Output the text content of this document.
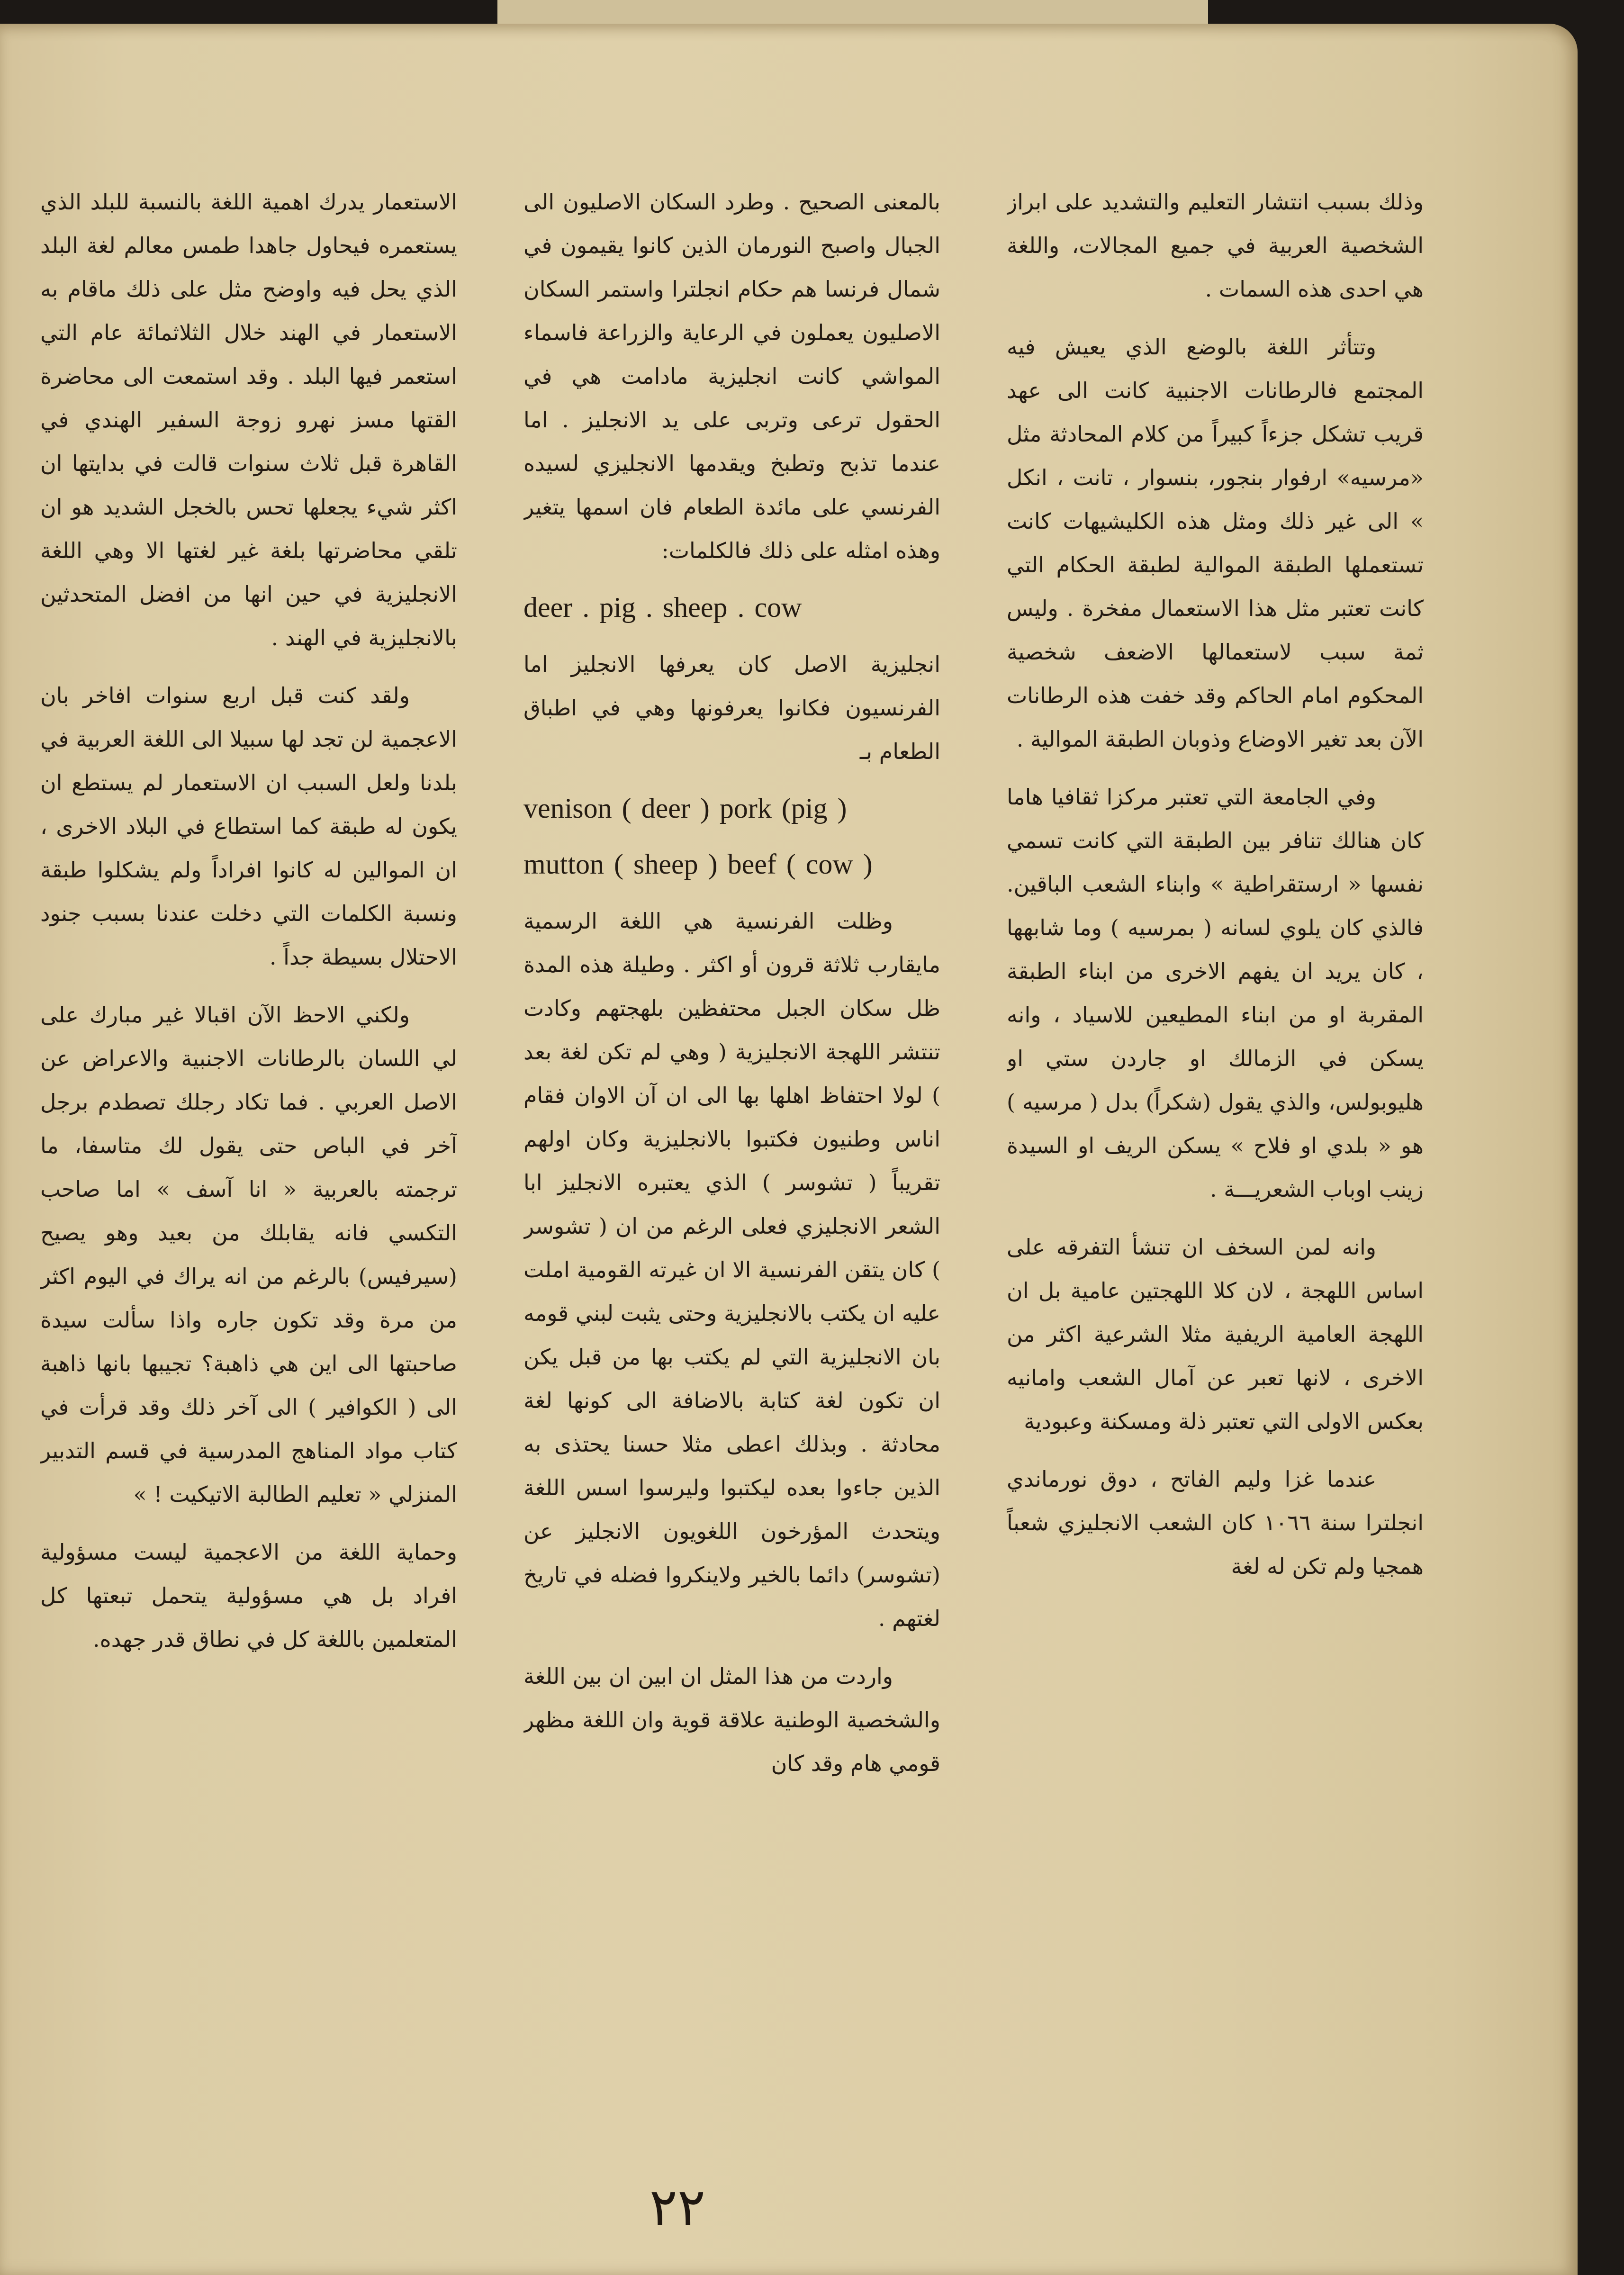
وذلك بسبب انتشار التعليم والتشديد على ابراز الشخصية العربية في جميع المجالات، واللغة هي احدى هذه السمات .

وتتأثر اللغة بالوضع الذي يعيش فيه المجتمع فالرطانات الاجنبية كانت الى عهد قريب تشكل جزءاً كبيراً من كلام المحادثة مثل «مرسيه» ارفوار بنجور، بنسوار ، تانت ، انكل » الى غير ذلك ومثل هذه الكليشيهات كانت تستعملها الطبقة الموالية لطبقة الحكام التي كانت تعتبر مثل هذا الاستعمال مفخرة . وليس ثمة سبب لاستعمالها الاضعف شخصية المحكوم امام الحاكم وقد خفت هذه الرطانات الآن بعد تغير الاوضاع وذوبان الطبقة الموالية .

وفي الجامعة التي تعتبر مركزا ثقافيا هاما كان هنالك تنافر بين الطبقة التي كانت تسمي نفسها « ارستقراطية » وابناء الشعب الباقين. فالذي كان يلوي لسانه ( بمرسيه ) وما شابهها ، كان يريد ان يفهم الاخرى من ابناء الطبقة المقربة او من ابناء المطيعين للاسياد ، وانه يسكن في الزمالك او جاردن ستي او هليوبولس، والذي يقول (شكراً) بدل ( مرسيه ) هو « بلدي او فلاح » يسكن الريف او السيدة زينب اوباب الشعريـــة .

وانه لمن السخف ان تنشأ التفرقه على اساس اللهجة ، لان كلا اللهجتين عامية بل ان اللهجة العامية الريفية مثلا الشرعية اكثر من الاخرى ، لانها تعبر عن آمال الشعب وامانيه بعكس الاولى التي تعتبر ذلة ومسكنة وعبودية

عندما غزا وليم الفاتح ، دوق نورماندي انجلترا سنة ١٠٦٦ كان الشعب الانجليزي شعباً همجيا ولم تكن له لغة

بالمعنى الصحيح . وطرد السكان الاصليون الى الجبال واصبح النورمان الذين كانوا يقيمون في شمال فرنسا هم حكام انجلترا واستمر السكان الاصليون يعملون في الرعاية والزراعة فاسماء المواشي كانت انجليزية مادامت هي في الحقول ترعى وتربى على يد الانجليز . اما عندما تذبح وتطبخ ويقدمها الانجليزي لسيده الفرنسي على مائدة الطعام فان اسمها يتغير وهذه امثله على ذلك فالكلمات:

deer . pig . sheep . cow

انجليزية الاصل كان يعرفها الانجليز اما الفرنسيون فكانوا يعرفونها وهي في اطباق الطعام بـ

venison ( deer ) pork (pig )

mutton ( sheep ) beef ( cow )

وظلت الفرنسية هي اللغة الرسمية مايقارب ثلاثة قرون أو اكثر . وطيلة هذه المدة ظل سكان الجبل محتفظين بلهجتهم وكادت تنتشر اللهجة الانجليزية ( وهي لم تكن لغة بعد ) لولا احتفاظ اهلها بها الى ان آن الاوان فقام اناس وطنيون فكتبوا بالانجليزية وكان اولهم تقريباً ( تشوسر ) الذي يعتبره الانجليز ابا الشعر الانجليزي فعلى الرغم من ان ( تشوسر ) كان يتقن الفرنسية الا ان غيرته القومية املت عليه ان يكتب بالانجليزية وحتى يثبت لبني قومه بان الانجليزية التي لم يكتب بها من قبل يكن ان تكون لغة كتابة بالاضافة الى كونها لغة محادثة . وبذلك اعطى مثلا حسنا يحتذى به الذين جاءوا بعده ليكتبوا وليرسوا اسس اللغة ويتحدث المؤرخون اللغويون الانجليز عن (تشوسر) دائما بالخير ولاينكروا فضله في تاريخ لغتهم .

واردت من هذا المثل ان ابين ان بين اللغة والشخصية الوطنية علاقة قوية وان اللغة مظهر قومي هام وقد كان

الاستعمار يدرك اهمية اللغة بالنسبة للبلد الذي يستعمره فيحاول جاهدا طمس معالم لغة البلد الذي يحل فيه واوضح مثل على ذلك ماقام به الاستعمار في الهند خلال الثلاثمائة عام التي استعمر فيها البلد . وقد استمعت الى محاضرة القتها مسز نهرو زوجة السفير الهندي في القاهرة قبل ثلاث سنوات قالت في بدايتها ان اكثر شيء يجعلها تحس بالخجل الشديد هو ان تلقي محاضرتها بلغة غير لغتها الا وهي اللغة الانجليزية في حين انها من افضل المتحدثين بالانجليزية في الهند .

ولقد كنت قبل اربع سنوات افاخر بان الاعجمية لن تجد لها سبيلا الى اللغة العربية في بلدنا ولعل السبب ان الاستعمار لم يستطع ان يكون له طبقة كما استطاع في البلاد الاخرى ، ان الموالين له كانوا افراداً ولم يشكلوا طبقة ونسبة الكلمات التي دخلت عندنا بسبب جنود الاحتلال بسيطة جداً .

ولكني الاحظ الآن اقبالا غير مبارك على لي اللسان بالرطانات الاجنبية والاعراض عن الاصل العربي . فما تكاد رجلك تصطدم برجل آخر في الباص حتى يقول لك متاسفا، ما ترجمته بالعربية « انا آسف » اما صاحب التكسي فانه يقابلك من بعيد وهو يصيح (سيرفيس) بالرغم من انه يراك في اليوم اكثر من مرة وقد تكون جاره واذا سألت سيدة صاحبتها الى اين هي ذاهبة؟ تجيبها بانها ذاهبة الى ( الكوافير ) الى آخر ذلك وقد قرأت في كتاب مواد المناهج المدرسية في قسم التدبير المنزلي « تعليم الطالبة الاتيكيت ! »

وحماية اللغة من الاعجمية ليست مسؤولية افراد بل هي مسؤولية يتحمل تبعتها كل المتعلمين باللغة كل في نطاق قدر جهده.

٢٢
